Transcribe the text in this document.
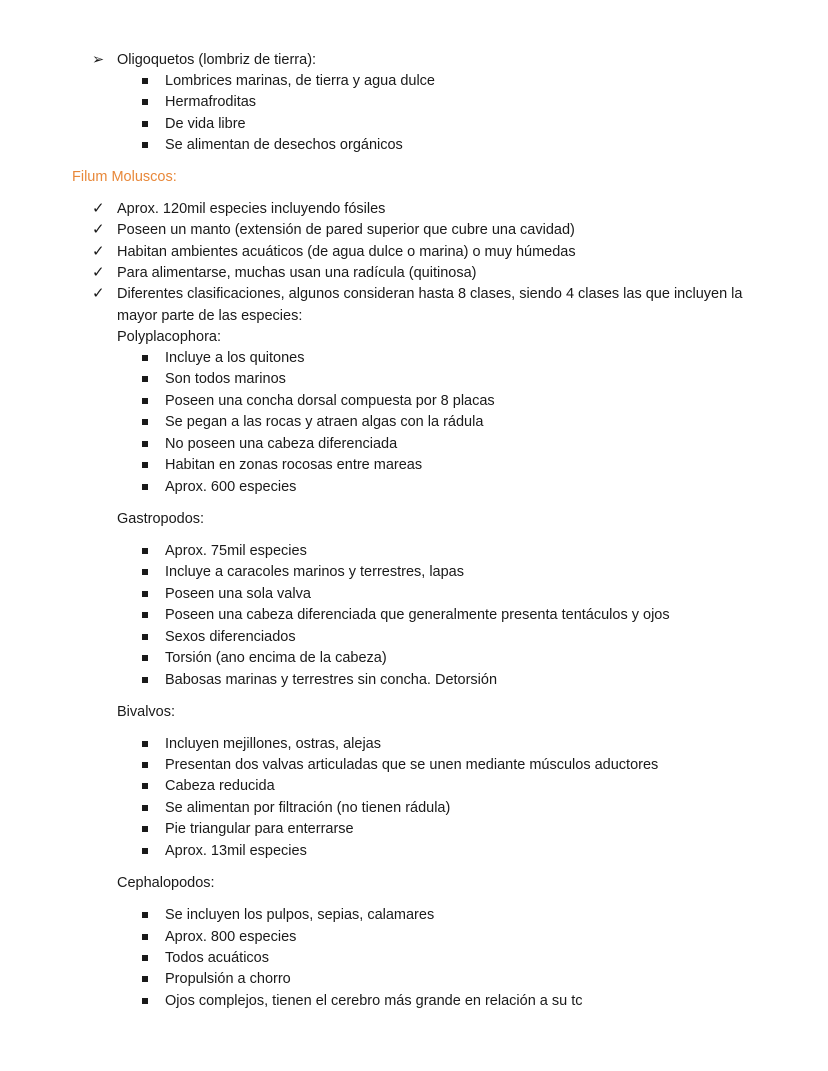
➢ Oligoquetos (lombriz de tierra):
Lombrices marinas, de tierra y agua dulce
Hermafroditas
De vida libre
Se alimentan de desechos orgánicos
Filum Moluscos:
✓ Aprox. 120mil especies incluyendo fósiles
✓ Poseen un manto (extensión de pared superior que cubre una cavidad)
✓ Habitan ambientes acuáticos (de agua dulce o marina) o muy húmedas
✓ Para alimentarse, muchas usan una radícula (quitinosa)
✓ Diferentes clasificaciones, algunos consideran hasta 8 clases, siendo 4 clases las que incluyen la
mayor parte de las especies:
Polyplacophora:
Incluye a los quitones
Son todos marinos
Poseen una concha dorsal compuesta por 8 placas
Se pegan a las rocas y atraen algas con la rádula
No poseen una cabeza diferenciada
Habitan en zonas rocosas entre mareas
Aprox. 600 especies
Gastropodos:
Aprox. 75mil especies
Incluye a caracoles marinos y terrestres, lapas
Poseen una sola valva
Poseen una cabeza diferenciada que generalmente presenta tentáculos y ojos
Sexos diferenciados
Torsión (ano encima de la cabeza)
Babosas marinas y terrestres sin concha. Detorsión
Bivalvos:
Incluyen mejillones, ostras, alejas
Presentan dos valvas articuladas que se unen mediante músculos aductores
Cabeza reducida
Se alimentan por filtración (no tienen rádula)
Pie triangular para enterrarse
Aprox. 13mil especies
Cephalopodos:
Se incluyen los pulpos, sepias, calamares
Aprox. 800 especies
Todos acuáticos
Propulsión a chorro
Ojos complejos, tienen el cerebro más grande en relación a su tc
